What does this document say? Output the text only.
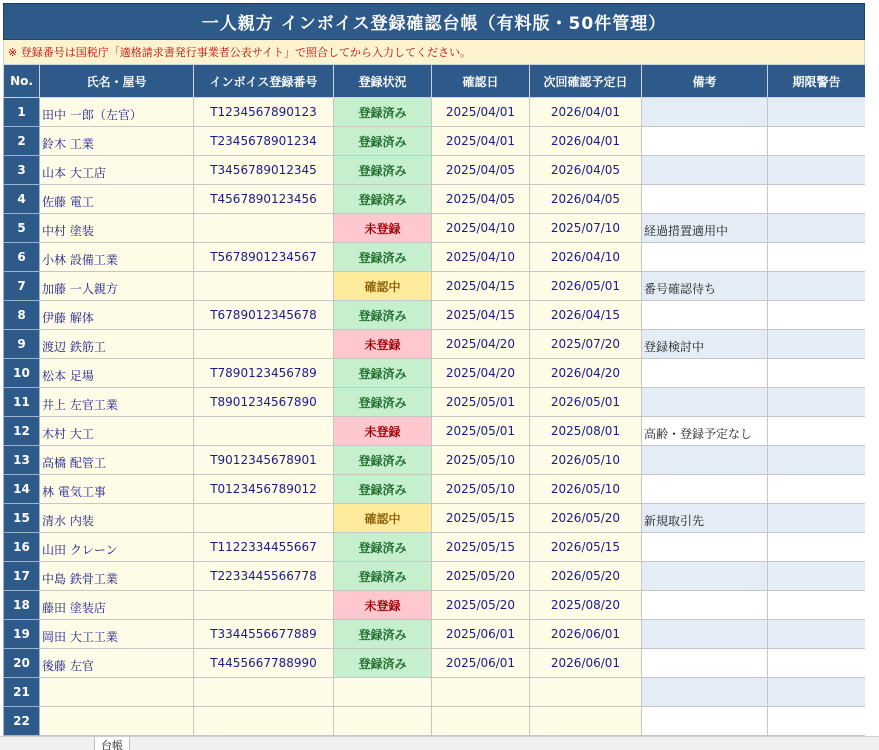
一人親方 インボイス登録確認台帳（有料版・50件管理）
※ 登録番号は国税庁「適格請求書発行事業者公表サイト」で照合してから入力してください。
No.	氏名・屋号	インボイス登録番号	登録状況	確認日	次回確認予定日	備考	期限警告
1	田中 一郎（左官）	T1234567890123	登録済み	2025/04/01	2026/04/01		
2	鈴木 工業	T2345678901234	登録済み	2025/04/01	2026/04/01		
3	山本 大工店	T3456789012345	登録済み	2025/04/05	2026/04/05		
4	佐藤 電工	T4567890123456	登録済み	2025/04/05	2026/04/05		
5	中村 塗装		未登録	2025/04/10	2025/07/10	経過措置適用中	
6	小林 設備工業	T5678901234567	登録済み	2025/04/10	2026/04/10		
7	加藤 一人親方		確認中	2025/04/15	2026/05/01	番号確認待ち	
8	伊藤 解体	T6789012345678	登録済み	2025/04/15	2026/04/15		
9	渡辺 鉄筋工		未登録	2025/04/20	2025/07/20	登録検討中	
10	松本 足場	T7890123456789	登録済み	2025/04/20	2026/04/20		
11	井上 左官工業	T8901234567890	登録済み	2025/05/01	2026/05/01		
12	木村 大工		未登録	2025/05/01	2025/08/01	高齢・登録予定なし	
13	高橋 配管工	T9012345678901	登録済み	2025/05/10	2026/05/10		
14	林 電気工事	T0123456789012	登録済み	2025/05/10	2026/05/10		
15	清水 内装		確認中	2025/05/15	2026/05/20	新規取引先	
16	山田 クレーン	T1122334455667	登録済み	2025/05/15	2026/05/15		
17	中島 鉄骨工業	T2233445566778	登録済み	2025/05/20	2026/05/20		
18	藤田 塗装店		未登録	2025/05/20	2025/08/20		
19	岡田 大工工業	T3344556677889	登録済み	2025/06/01	2026/06/01		
20	後藤 左官	T4455667788990	登録済み	2025/06/01	2026/06/01		
21							
22							
台帳
